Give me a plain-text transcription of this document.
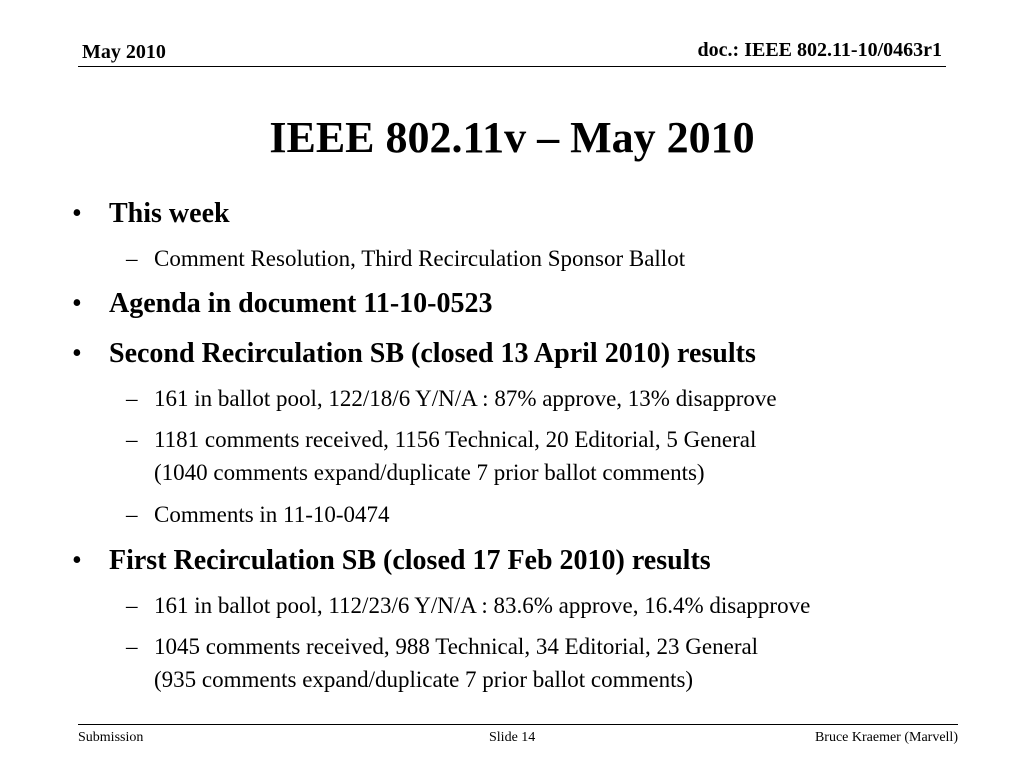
May 2010	doc.: IEEE 802.11-10/0463r1
IEEE 802.11v – May 2010
• This week
– Comment Resolution, Third Recirculation Sponsor Ballot
• Agenda in document 11-10-0523
• Second Recirculation SB (closed 13 April 2010) results
– 161 in ballot pool, 122/18/6 Y/N/A : 87% approve, 13% disapprove
– 1181 comments received, 1156 Technical, 20 Editorial, 5 General
(1040 comments expand/duplicate 7 prior ballot comments)
– Comments in 11-10-0474
• First Recirculation SB (closed 17 Feb 2010) results
– 161 in ballot pool, 112/23/6 Y/N/A : 83.6% approve, 16.4% disapprove
– 1045 comments received, 988 Technical, 34 Editorial, 23 General
(935 comments expand/duplicate 7 prior ballot comments)
Submission	Slide 14	Bruce Kraemer (Marvell)
